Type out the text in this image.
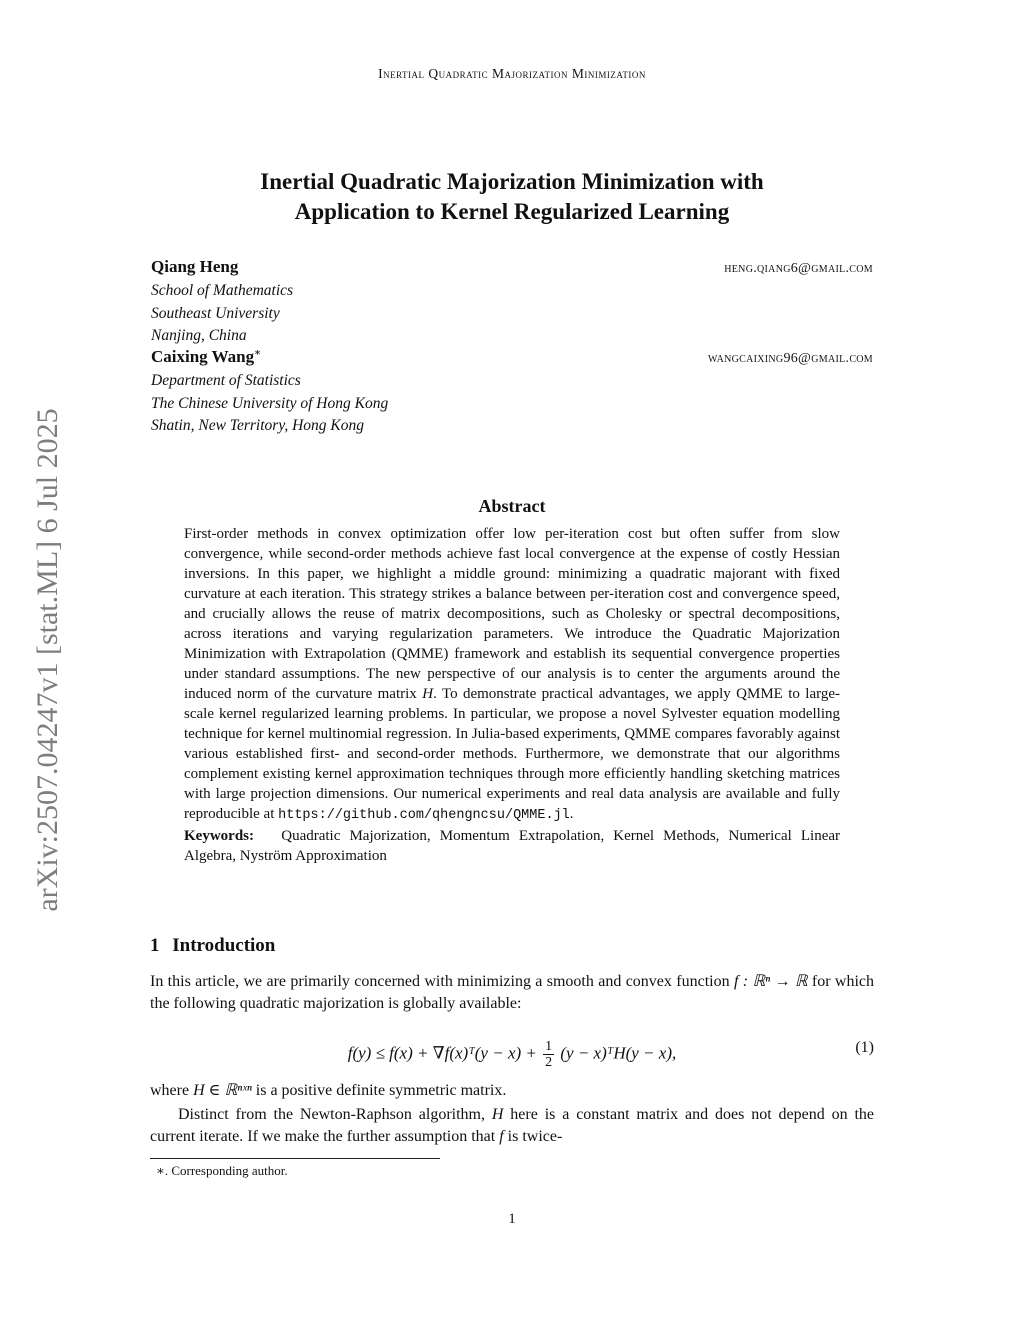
Inertial Quadratic Majorization Minimization
arXiv:2507.04247v1 [stat.ML] 6 Jul 2025
Inertial Quadratic Majorization Minimization with
Application to Kernel Regularized Learning
Qiang Heng	heng.qiang6@gmail.com
School of Mathematics
Southeast University
Nanjing, China
Caixing Wang∗	wangcaixing96@gmail.com
Department of Statistics
The Chinese University of Hong Kong
Shatin, New Territory, Hong Kong
Abstract
First-order methods in convex optimization offer low per-iteration cost but often suffer from slow convergence, while second-order methods achieve fast local convergence at the expense of costly Hessian inversions. In this paper, we highlight a middle ground: minimizing a quadratic majorant with fixed curvature at each iteration. This strategy strikes a balance between per-iteration cost and convergence speed, and crucially allows the reuse of matrix decompositions, such as Cholesky or spectral decompositions, across iterations and varying regularization parameters. We introduce the Quadratic Majorization Minimization with Extrapolation (QMME) framework and establish its sequential convergence properties under standard assumptions. The new perspective of our analysis is to center the arguments around the induced norm of the curvature matrix H. To demonstrate practical advantages, we apply QMME to large-scale kernel regularized learning problems. In particular, we propose a novel Sylvester equation modelling technique for kernel multinomial regression. In Julia-based experiments, QMME compares favorably against various established first- and second-order methods. Furthermore, we demonstrate that our algorithms complement existing kernel approximation techniques through more efficiently handling sketching matrices with large projection dimensions. Our numerical experiments and real data analysis are available and fully reproducible at https://github.com/qhengncsu/QMME.jl.
Keywords: Quadratic Majorization, Momentum Extrapolation, Kernel Methods, Numerical Linear Algebra, Nyström Approximation
1 Introduction
In this article, we are primarily concerned with minimizing a smooth and convex function f : ℝⁿ → ℝ for which the following quadratic majorization is globally available:
f(y) ≤ f(x) + ∇f(x)ᵀ(y − $x) + \frac{1}{2} (y$ − x)ᵀH(y − x),	(1)
where H ∈ ℝⁿˣⁿ is a positive definite symmetric matrix.
Distinct from the Newton-Raphson algorithm, H here is a constant matrix and does not depend on the current iterate. If we make the further assumption that f is twice-
∗. Corresponding author.
1
